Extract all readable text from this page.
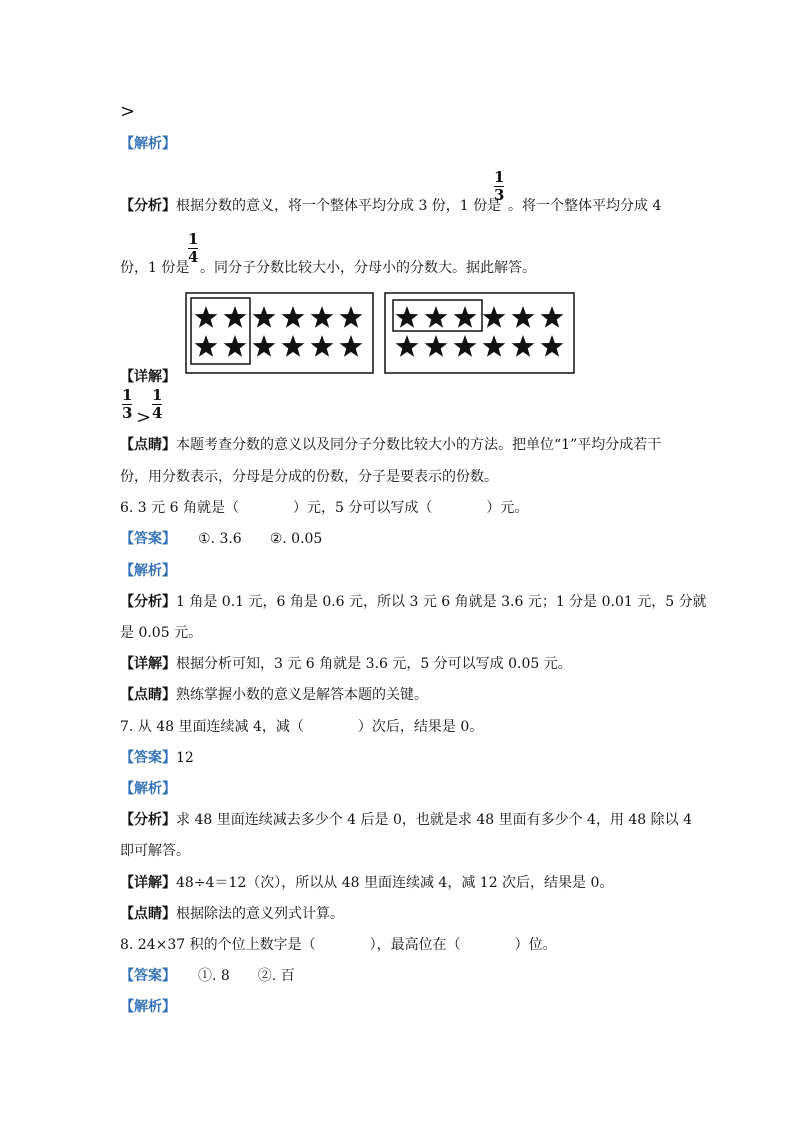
>
【解析】
【分析】 根据分数的意义，将一个整体平均分成 3 份，1 份是
1
3
。将一个整体平均分成 4
份，1 份是
1
4
。同分子分数比较大小，分母小的分数大。据此解答。
【详解】
1
3 >
1
4
【点睛】本题考查分数的意义以及同分子分数比较大小的方法。把单位“1”平均分成若干
份，用分数表示，分母是分成的份数，分子是要表示的份数。
6. 3 元 6 角就是（	）元，5 分可以写成（	）元。
【答案】 ①. 3.6　　②. 0.05
【解析】
【分析】1 角是 0.1 元，6 角是 0.6 元，所以 3 元 6 角就是 3.6 元；1 分是 0.01 元，5 分就
是 0.05 元。
【详解】根据分析可知，3 元 6 角就是 3.6 元，5 分可以写成 0.05 元。
【点睛】熟练掌握小数的意义是解答本题的关键。
7. 从 48 里面连续减 4，减（	）次后，结果是 0。
【答案】12
【解析】
【分析】求 48 里面连续减去多少个 4 后是 0，也就是求 48 里面有多少个 4，用 48 除以 4
即可解答。
【详解】48÷4＝12（次），所以从 48 里面连续减 4，减 12 次后，结果是 0。
【点睛】根据除法的意义列式计算。
8. 24×37 积的个位上数字是（	），最高位在（	）位。
【答案】 ①. 8　　②. 百
【解析】
